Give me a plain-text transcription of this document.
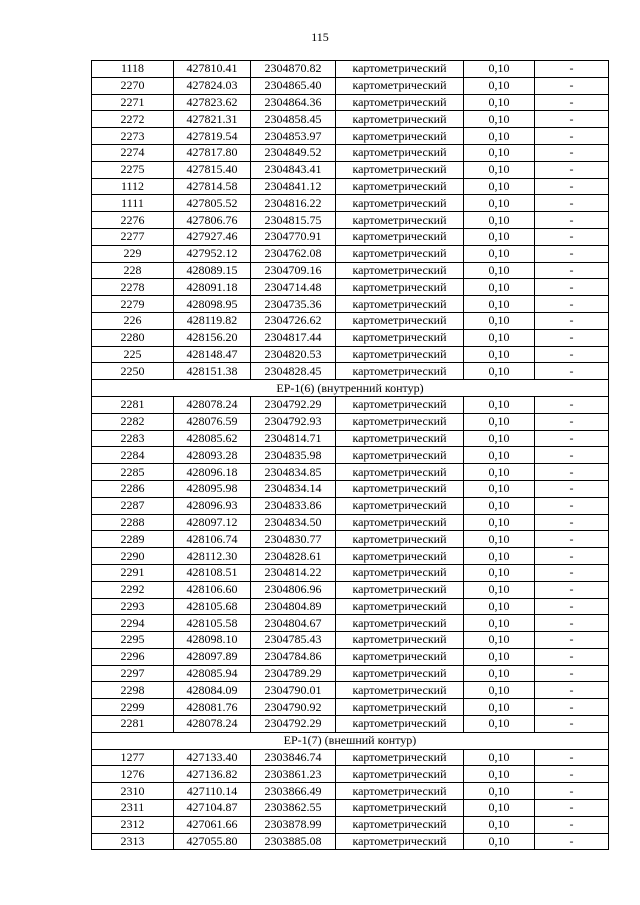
115
1118	427810.41	2304870.82	картометрический	0,10	-
2270	427824.03	2304865.40	картометрический	0,10	-
2271	427823.62	2304864.36	картометрический	0,10	-
2272	427821.31	2304858.45	картометрический	0,10	-
2273	427819.54	2304853.97	картометрический	0,10	-
2274	427817.80	2304849.52	картометрический	0,10	-
2275	427815.40	2304843.41	картометрический	0,10	-
1112	427814.58	2304841.12	картометрический	0,10	-
1111	427805.52	2304816.22	картометрический	0,10	-
2276	427806.76	2304815.75	картометрический	0,10	-
2277	427927.46	2304770.91	картометрический	0,10	-
229	427952.12	2304762.08	картометрический	0,10	-
228	428089.15	2304709.16	картометрический	0,10	-
2278	428091.18	2304714.48	картометрический	0,10	-
2279	428098.95	2304735.36	картометрический	0,10	-
226	428119.82	2304726.62	картометрический	0,10	-
2280	428156.20	2304817.44	картометрический	0,10	-
225	428148.47	2304820.53	картометрический	0,10	-
2250	428151.38	2304828.45	картометрический	0,10	-
ЕР-1(6) (внутренний контур)					
2281	428078.24	2304792.29	картометрический	0,10	-
2282	428076.59	2304792.93	картометрический	0,10	-
2283	428085.62	2304814.71	картометрический	0,10	-
2284	428093.28	2304835.98	картометрический	0,10	-
2285	428096.18	2304834.85	картометрический	0,10	-
2286	428095.98	2304834.14	картометрический	0,10	-
2287	428096.93	2304833.86	картометрический	0,10	-
2288	428097.12	2304834.50	картометрический	0,10	-
2289	428106.74	2304830.77	картометрический	0,10	-
2290	428112.30	2304828.61	картометрический	0,10	-
2291	428108.51	2304814.22	картометрический	0,10	-
2292	428106.60	2304806.96	картометрический	0,10	-
2293	428105.68	2304804.89	картометрический	0,10	-
2294	428105.58	2304804.67	картометрический	0,10	-
2295	428098.10	2304785.43	картометрический	0,10	-
2296	428097.89	2304784.86	картометрический	0,10	-
2297	428085.94	2304789.29	картометрический	0,10	-
2298	428084.09	2304790.01	картометрический	0,10	-
2299	428081.76	2304790.92	картометрический	0,10	-
2281	428078.24	2304792.29	картометрический	0,10	-
ЕР-1(7) (внешний контур)					
1277	427133.40	2303846.74	картометрический	0,10	-
1276	427136.82	2303861.23	картометрический	0,10	-
2310	427110.14	2303866.49	картометрический	0,10	-
2311	427104.87	2303862.55	картометрический	0,10	-
2312	427061.66	2303878.99	картометрический	0,10	-
2313	427055.80	2303885.08	картометрический	0,10	-
